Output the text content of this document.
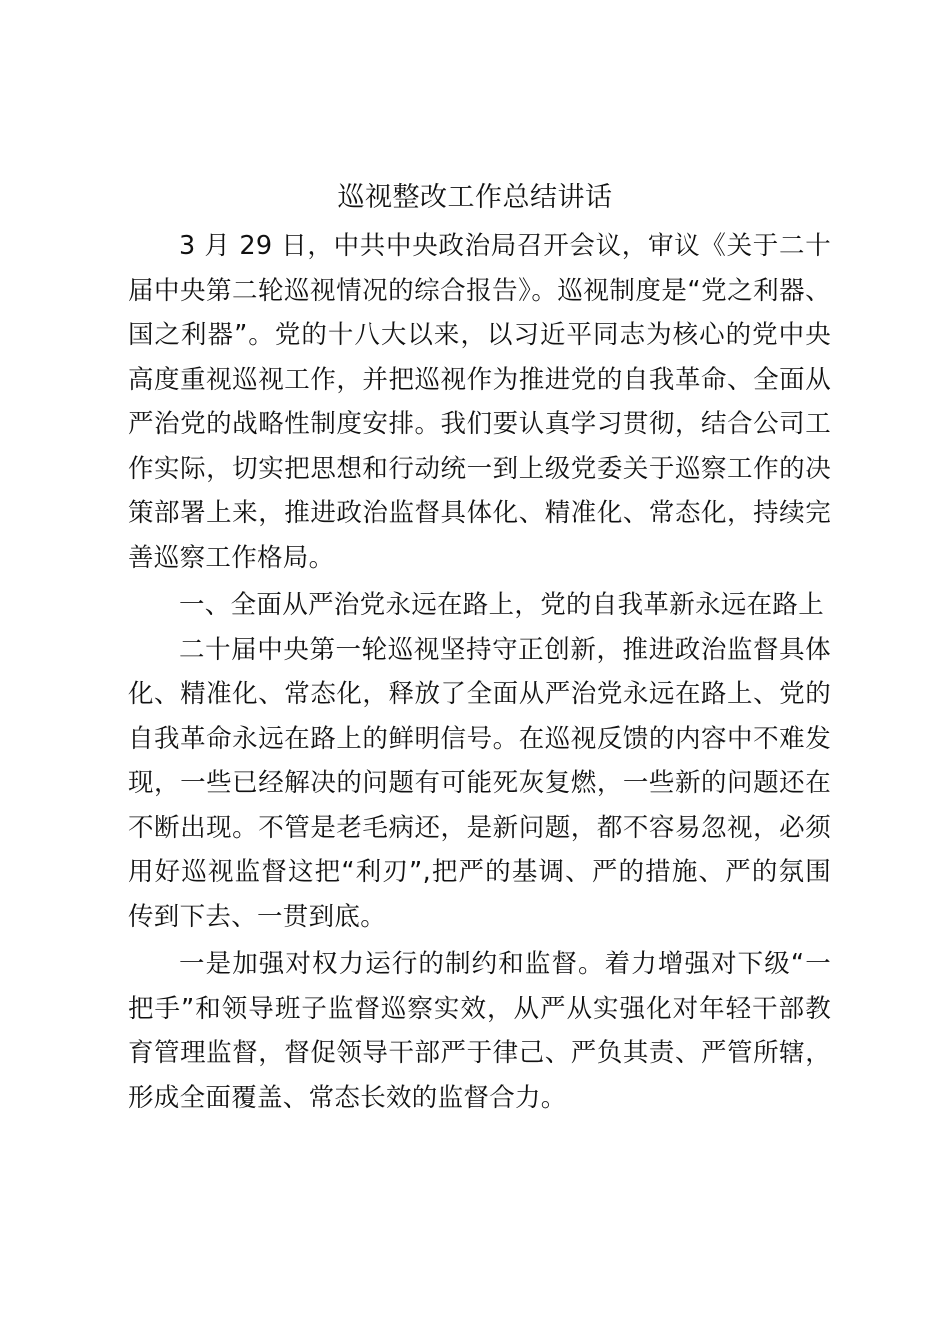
巡视整改工作总结讲话

3 月 29 日，中共中央政治局召开会议，审议《关于二十届中央第二轮巡视情况的综合报告》。巡视制度是“党之利器、国之利器”。党的十八大以来，以习近平同志为核心的党中央高度重视巡视工作，并把巡视作为推进党的自我革命、全面从严治党的战略性制度安排。我们要认真学习贯彻，结合公司工作实际，切实把思想和行动统一到上级党委关于巡察工作的决策部署上来，推进政治监督具体化、精准化、常态化，持续完善巡察工作格局。

一、全面从严治党永远在路上，党的自我革新永远在路上

二十届中央第一轮巡视坚持守正创新，推进政治监督具体化、精准化、常态化，释放了全面从严治党永远在路上、党的自我革命永远在路上的鲜明信号。在巡视反馈的内容中不难发现，一些已经解决的问题有可能死灰复燃，一些新的问题还在不断出现。不管是老毛病还，是新问题，都不容易忽视，必须用好巡视监督这把“利刃”,把严的基调、严的措施、严的氛围传到下去、一贯到底。

一是加强对权力运行的制约和监督。着力增强对下级“一把手”和领导班子监督巡察实效，从严从实强化对年轻干部教育管理监督，督促领导干部严于律己、严负其责、严管所辖，形成全面覆盖、常态长效的监督合力。
